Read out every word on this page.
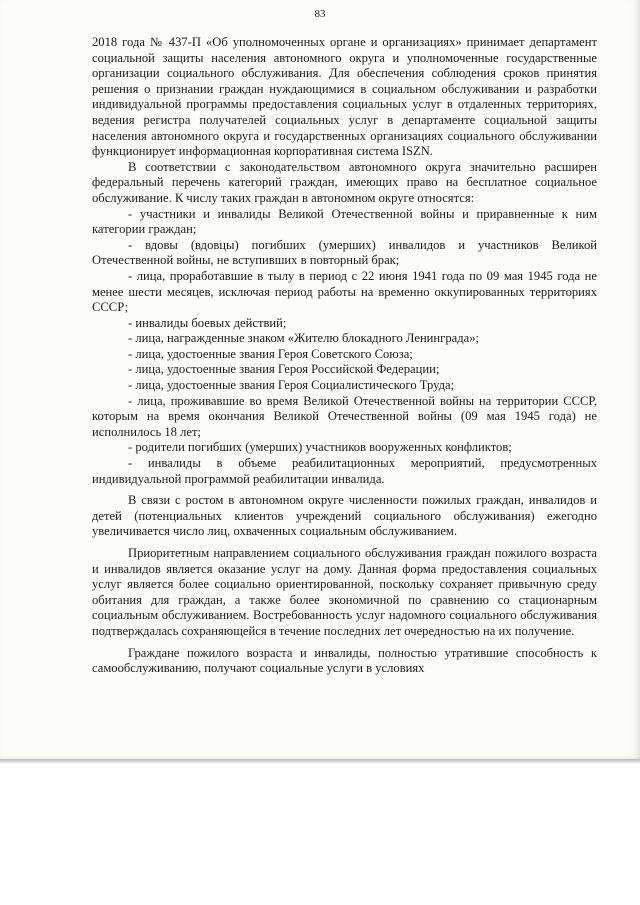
83

2018 года № 437-П «Об уполномоченных органе и организациях» принимает департамент социальной защиты населения автономного округа и уполномоченные государственные организации социального обслуживания. Для обеспечения соблюдения сроков принятия решения о признании граждан нуждающимися в социальном обслуживании и разработки индивидуальной программы предоставления социальных услуг в отдаленных территориях, ведения регистра получателей социальных услуг в департаменте социальной защиты населения автономного округа и государственных организациях социального обслуживании функционирует информационная корпоративная система ISZN.

В соответствии с законодательством автономного округа значительно расширен федеральный перечень категорий граждан, имеющих право на бесплатное социальное обслуживание. К числу таких граждан в автономном округе относятся:

- участники и инвалиды Великой Отечественной войны и приравненные к ним категории граждан;

- вдовы (вдовцы) погибших (умерших) инвалидов и участников Великой Отечественной войны, не вступивших в повторный брак;

- лица, проработавшие в тылу в период с 22 июня 1941 года по 09 мая 1945 года не менее шести месяцев, исключая период работы на временно оккупированных территориях СССР;

- инвалиды боевых действий;

- лица, награжденные знаком «Жителю блокадного Ленинграда»;

- лица, удостоенные звания Героя Советского Союза;

- лица, удостоенные звания Героя Российской Федерации;

- лица, удостоенные звания Героя Социалистического Труда;

- лица, проживавшие во время Великой Отечественной войны на территории СССР, которым на время окончания Великой Отечественной войны (09 мая 1945 года) не исполнилось 18 лет;

- родители погибших (умерших) участников вооруженных конфликтов;

- инвалиды в объеме реабилитационных мероприятий, предусмотренных индивидуальной программой реабилитации инвалида.

В связи с ростом в автономном округе численности пожилых граждан, инвалидов и детей (потенциальных клиентов учреждений социального обслуживания) ежегодно увеличивается число лиц, охваченных социальным обслуживанием.

Приоритетным направлением социального обслуживания граждан пожилого возраста и инвалидов является оказание услуг на дому. Данная форма предоставления социальных услуг является более социально ориентированной, поскольку сохраняет привычную среду обитания для граждан, а также более экономичной по сравнению со стационарным социальным обслуживанием. Востребованность услуг надомного социального обслуживания подтверждалась сохраняющейся в течение последних лет очередностью на их получение.

Граждане пожилого возраста и инвалиды, полностью утратившие способность к самообслуживанию, получают социальные услуги в условиях
